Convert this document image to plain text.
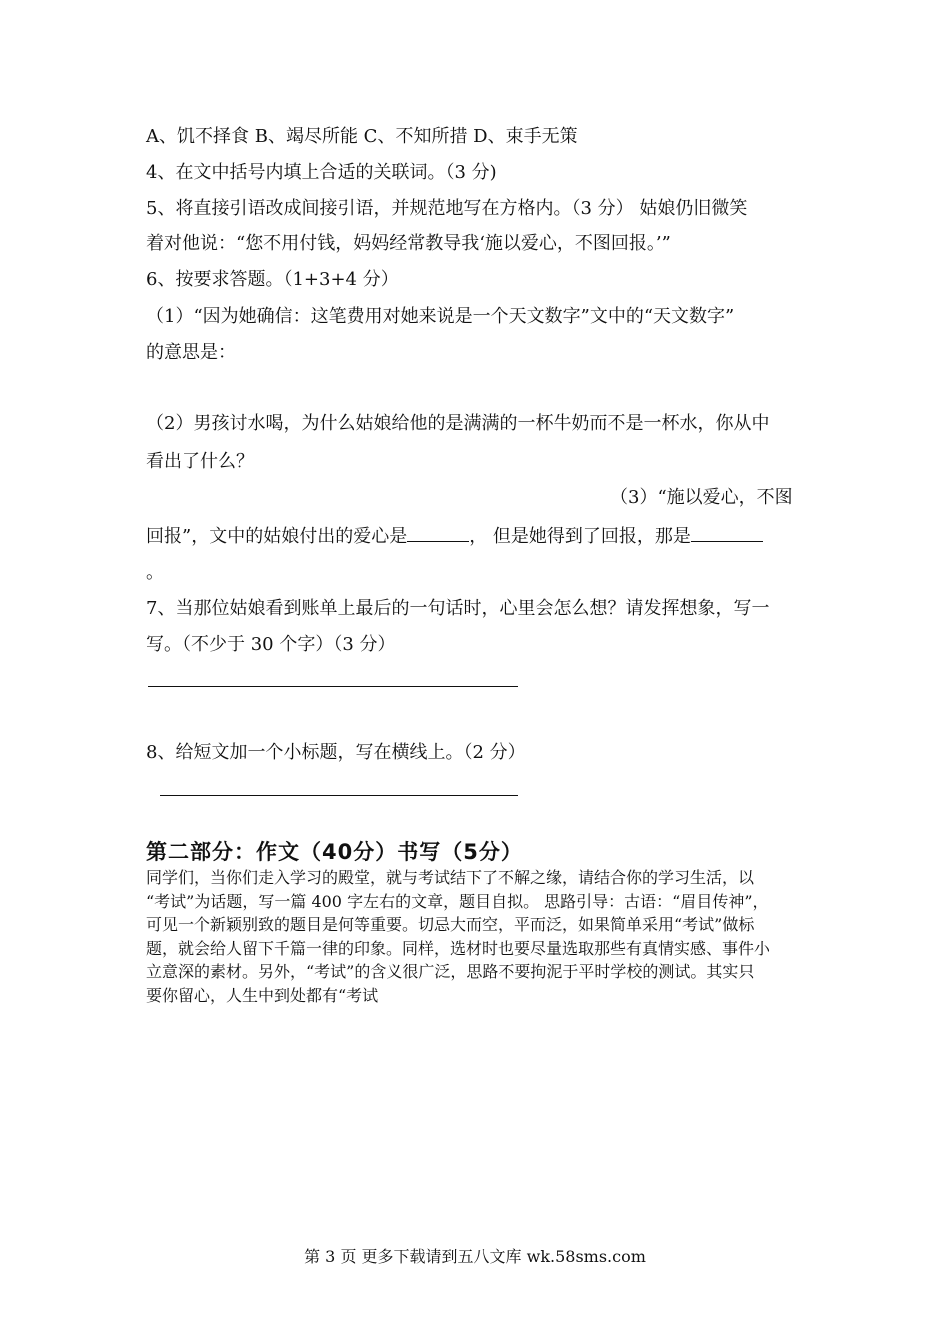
A、饥不择食 B、竭尽所能 C、不知所措 D、束手无策
4、在文中括号内填上合适的关联词。（3 分)
5、将直接引语改成间接引语，并规范地写在方格内。（3 分） 姑娘仍旧微笑
着对他说：“您不用付钱，妈妈经常教导我‘施以爱心，不图回报。’”
6、按要求答题。（1+3+4 分）
（1）“因为她确信：这笔费用对她来说是一个天文数字”文中的“天文数字”
的意思是：
（2）男孩讨水喝，为什么姑娘给他的是满满的一杯牛奶而不是一杯水，你从中
看出了什么？
（3）“施以爱心，不图
回报”，文中的姑娘付出的爱心是	， 但是她得到了回报，那是
。
7、当那位姑娘看到账单上最后的一句话时，心里会怎么想？请发挥想象，写一
写。（不少于 30 个字）（3 分）
8、给短文加一个小标题，写在横线上。（2 分）
第二部分：作文（40分）书写（5分）
同学们，当你们走入学习的殿堂，就与考试结下了不解之缘，请结合你的学习生活，以
“考试”为话题，写一篇 400 字左右的文章，题目自拟。 思路引导：古语：“眉目传神”，
可见一个新颖别致的题目是何等重要。切忌大而空，平而泛，如果简单采用“考试”做标
题，就会给人留下千篇一律的印象。同样，选材时也要尽量选取那些有真情实感、事件小
立意深的素材。另外，“考试”的含义很广泛，思路不要拘泥于平时学校的测试。其实只
要你留心，人生中到处都有“考试
第 3 页 更多下载请到五八文库 wk.58sms.com
